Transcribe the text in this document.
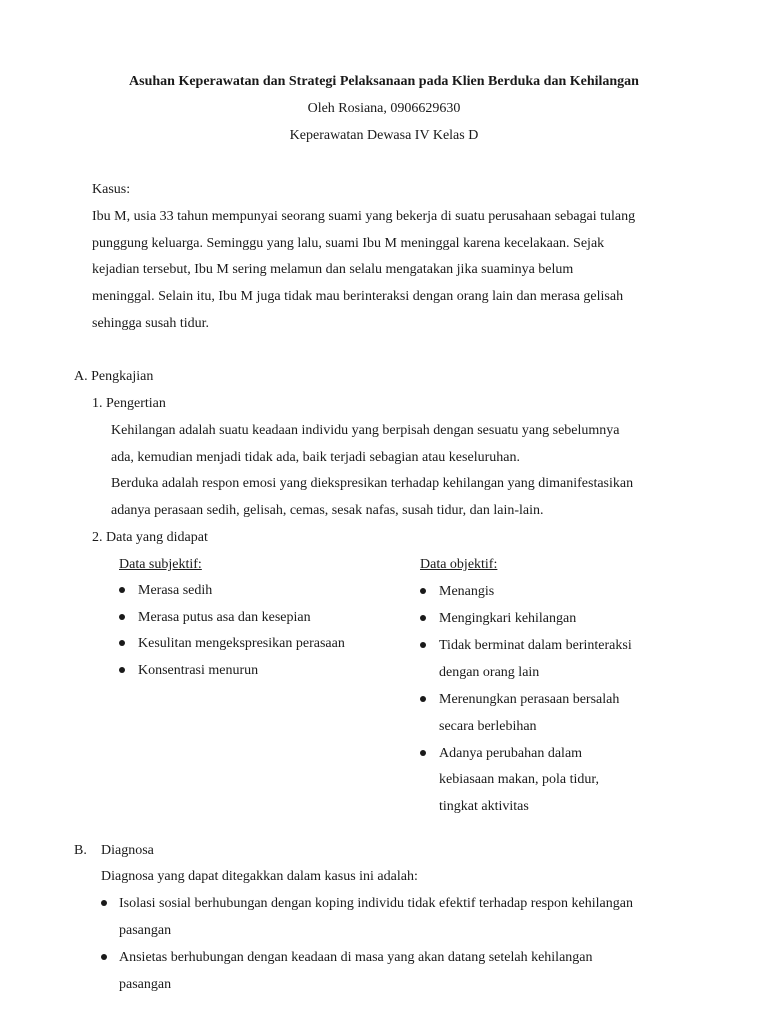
Asuhan Keperawatan dan Strategi Pelaksanaan pada Klien Berduka dan Kehilangan
Oleh Rosiana, 0906629630
Keperawatan Dewasa IV Kelas D
Kasus:
Ibu M, usia 33 tahun mempunyai seorang suami yang bekerja di suatu perusahaan sebagai tulang
punggung keluarga. Seminggu yang lalu, suami Ibu M meninggal karena kecelakaan. Sejak
kejadian tersebut, Ibu M sering melamun dan selalu mengatakan jika suaminya belum
meninggal. Selain itu, Ibu M juga tidak mau berinteraksi dengan orang lain dan merasa gelisah
sehingga susah tidur.
A. Pengkajian
1. Pengertian
Kehilangan adalah suatu keadaan individu yang berpisah dengan sesuatu yang sebelumnya
ada, kemudian menjadi tidak ada, baik terjadi sebagian atau keseluruhan.
Berduka adalah respon emosi yang diekspresikan terhadap kehilangan yang dimanifestasikan
adanya perasaan sedih, gelisah, cemas, sesak nafas, susah tidur, dan lain-lain.
2. Data yang didapat
Data subjektif:
Merasa sedih
Merasa putus asa dan kesepian
Kesulitan mengekspresikan perasaan
Konsentrasi menurun
Data objektif:
Menangis
Mengingkari kehilangan
Tidak berminat dalam berinteraksi
dengan orang lain
Merenungkan perasaan bersalah
secara berlebihan
Adanya perubahan dalam
kebiasaan makan, pola tidur,
tingkat aktivitas
B. Diagnosa
Diagnosa yang dapat ditegakkan dalam kasus ini adalah:
Isolasi sosial berhubungan dengan koping individu tidak efektif terhadap respon kehilangan
pasangan
Ansietas berhubungan dengan keadaan di masa yang akan datang setelah kehilangan
pasangan
